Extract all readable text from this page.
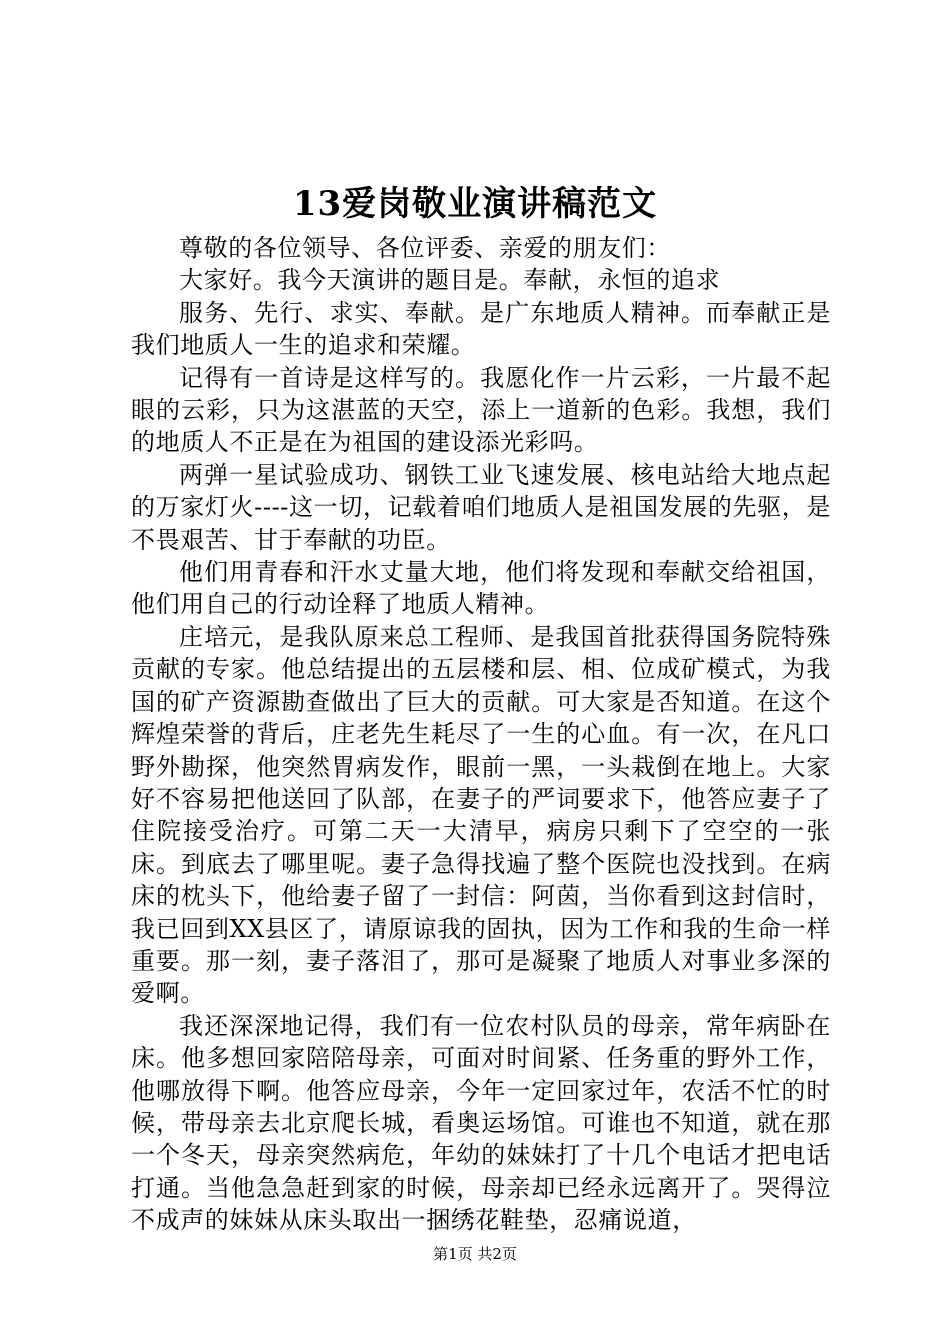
13爱岗敬业演讲稿范文

尊敬的各位领导、各位评委、亲爱的朋友们：

大家好。我今天演讲的题目是。奉献，永恒的追求

服务、先行、求实、奉献。是广东地质人精神。而奉献正是我们地质人一生的追求和荣耀。

记得有一首诗是这样写的。我愿化作一片云彩，一片最不起眼的云彩，只为这湛蓝的天空，添上一道新的色彩。我想，我们的地质人不正是在为祖国的建设添光彩吗。

两弹一星试验成功、钢铁工业飞速发展、核电站给大地点起的万家灯火----这一切，记载着咱们地质人是祖国发展的先驱，是不畏艰苦、甘于奉献的功臣。

他们用青春和汗水丈量大地，他们将发现和奉献交给祖国，他们用自己的行动诠释了地质人精神。

庄培元，是我队原来总工程师、是我国首批获得国务院特殊贡献的专家。他总结提出的五层楼和层、相、位成矿模式，为我国的矿产资源勘查做出了巨大的贡献。可大家是否知道。在这个辉煌荣誉的背后，庄老先生耗尽了一生的心血。有一次，在凡口野外勘探，他突然胃病发作，眼前一黑，一头栽倒在地上。大家好不容易把他送回了队部，在妻子的严词要求下，他答应妻子了住院接受治疗。可第二天一大清早，病房只剩下了空空的一张床。到底去了哪里呢。妻子急得找遍了整个医院也没找到。在病床的枕头下，他给妻子留了一封信：阿茵，当你看到这封信时，我已回到XX县区了，请原谅我的固执，因为工作和我的生命一样重要。那一刻，妻子落泪了，那可是凝聚了地质人对事业多深的爱啊。

我还深深地记得，我们有一位农村队员的母亲，常年病卧在床。他多想回家陪陪母亲，可面对时间紧、任务重的野外工作，他哪放得下啊。他答应母亲，今年一定回家过年，农活不忙的时候，带母亲去北京爬长城，看奥运场馆。可谁也不知道，就在那一个冬天，母亲突然病危，年幼的妹妹打了十几个电话才把电话打通。当他急急赶到家的时候，母亲却已经永远离开了。哭得泣不成声的妹妹从床头取出一捆绣花鞋垫，忍痛说道，

第1页 共2页
